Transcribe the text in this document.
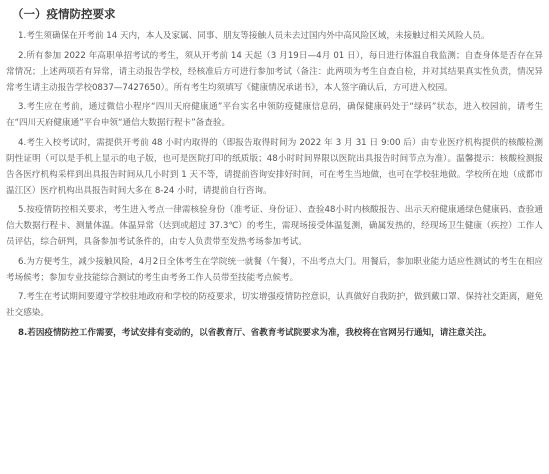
（一）疫情防控要求

1.考生须确保在开考前 14 天内，本人及家属、同事、朋友等接触人员未去过国内外中高风险区域，未接触过相关风险人员。

2.所有参加 2022 年高职单招考试的考生，须从开考前 14 天起（3 月19日—4月 01 日），每日进行体温自我监测；自查身体是否存在异常情况；上述两项若有异常，请主动报告学校，经核准后方可进行参加考试（备注：此两项为考生自查自检，并对其结果真实性负责，情况异常考生请主动报告学校0837—7427650）。所有考生均须填写《健康情况承诺书》，本人签字确认后，方可进入校园。

3.考生应在考前，通过微信小程序“四川天府健康通”平台实名申领防疫健康信息码，确保健康码处于“绿码”状态，进入校园前，请考生在“四川天府健康通”平台申领“通信大数据行程卡”备查验。

4.考生入校考试时，需提供开考前 48 小时内取得的（即报告取得时间为 2022 年 3 月 31 日 9:00 后）由专业医疗机构提供的核酸检测阴性证明（可以是手机上显示的电子版，也可是医院打印的纸质版；48小时时间界限以医院出具报告时间节点为准）。温馨提示：核酸检测报告各医疗机构采样到出具报告时间从几小时到 1 天不等，请提前咨询安排好时间，可在考生当地做，也可在学校驻地做。学校所在地（成都市温江区）医疗机构出具报告时间大多在 8-24 小时，请提前自行咨询。

5.按疫情防控相关要求，考生进入考点一律需核验身份（准考证、身份证）、查验48小时内核酸报告、出示天府健康通绿色健康码、查验通信大数据行程卡、测量体温。体温异常（达到或超过 37.3℃）的考生，需现场接受体温复测，确属发热的，经现场卫生健康（疾控）工作人员评估，综合研判，具备参加考试条件的，由专人负责带至发热考场参加考试。

6.为方便考生，减少接触风险，4月2日全体考生在学院统一就餐（午餐），不出考点大门。用餐后，参加职业能力适应性测试的考生在相应考场候考；参加专业技能综合测试的考生由考务工作人员带至技能考点候考。

7.考生在考试期间要遵守学校驻地政府和学校的防疫要求，切实增强疫情防控意识，认真做好自我防护，做到戴口罩、保持社交距离，避免社交感染。

8.若因疫情防控工作需要，考试安排有变动的，以省教育厅、省教育考试院要求为准，我校将在官网另行通知，请注意关注。
